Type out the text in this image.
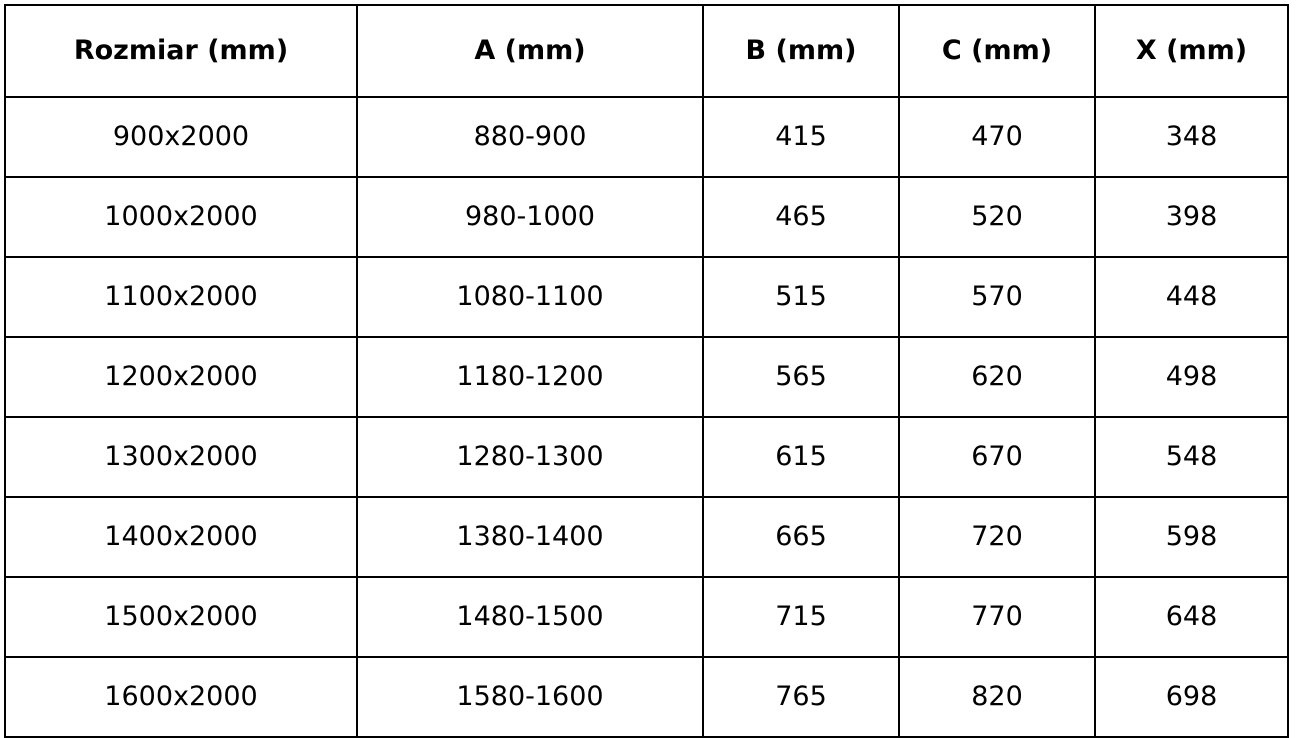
Rozmiar (mm)	A (mm)	B (mm)	C (mm)	X (mm)
900x2000	880-900	415	470	348
1000x2000	980-1000	465	520	398
1100x2000	1080-1100	515	570	448
1200x2000	1180-1200	565	620	498
1300x2000	1280-1300	615	670	548
1400x2000	1380-1400	665	720	598
1500x2000	1480-1500	715	770	648
1600x2000	1580-1600	765	820	698
